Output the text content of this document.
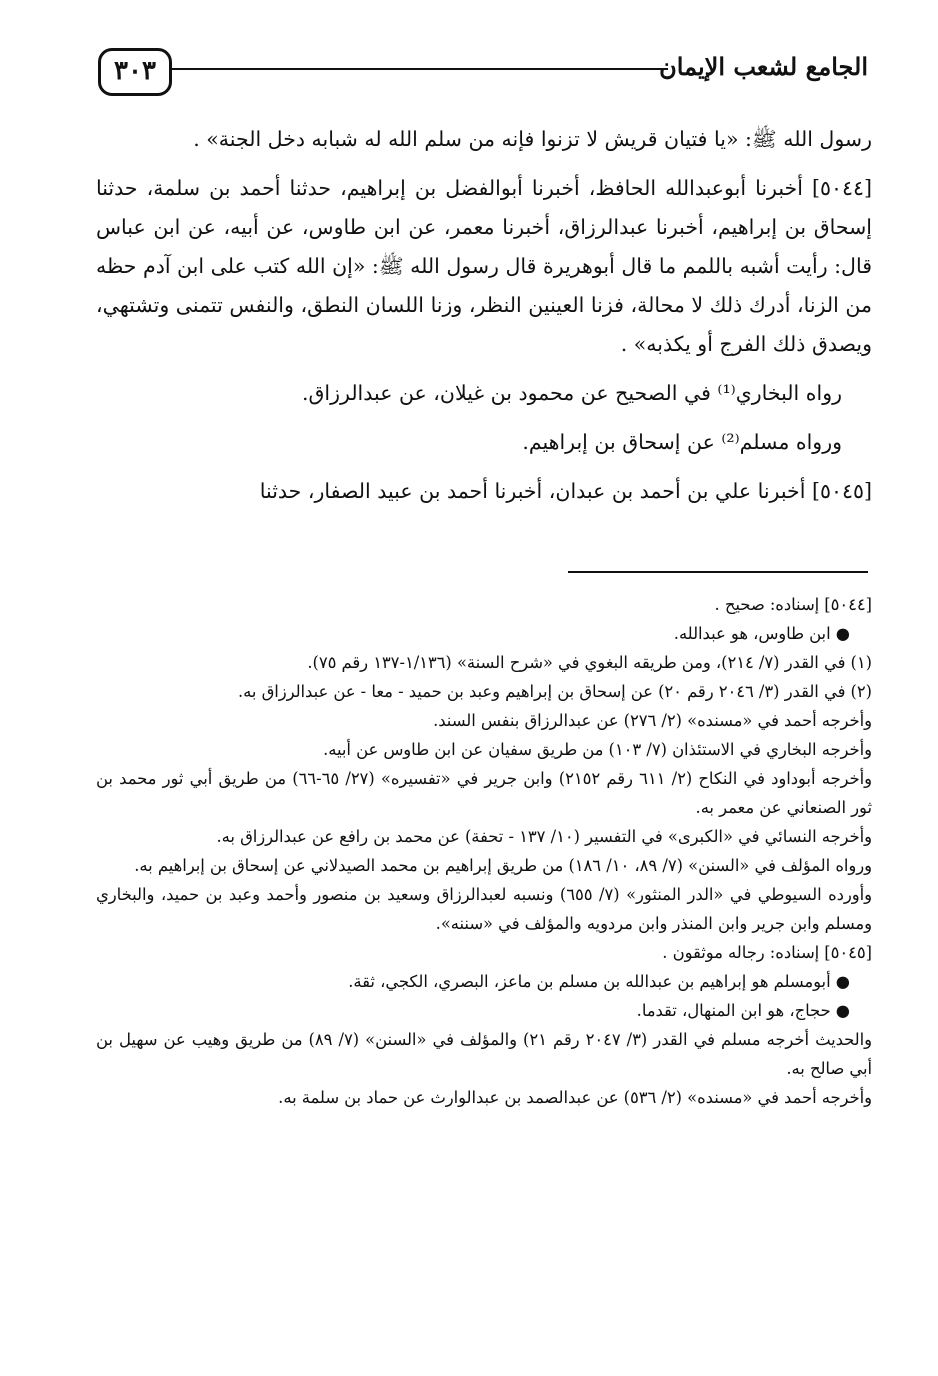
٣٠٣	الجامع لشعب الإيمان

رسول الله ﷺ: «يا فتيان قريش لا تزنوا فإنه من سلم الله له شبابه دخل الجنة» .

[٥٠٤٤] أخبرنا أبوعبدالله الحافظ، أخبرنا أبوالفضل بن إبراهيم، حدثنا أحمد بن سلمة، حدثنا إسحاق بن إبراهيم، أخبرنا عبدالرزاق، أخبرنا معمر، عن ابن طاوس، عن أبيه، عن ابن عباس قال: رأيت أشبه باللمم ما قال أبوهريرة قال رسول الله ﷺ: «إن الله كتب على ابن آدم حظه من الزنا، أدرك ذلك لا محالة، فزنا العينين النظر، وزنا اللسان النطق، والنفس تتمنى وتشتهي، ويصدق ذلك الفرج أو يكذبه» .

رواه البخاري⁽¹⁾ في الصحيح عن محمود بن غيلان، عن عبدالرزاق.

ورواه مسلم⁽²⁾ عن إسحاق بن إبراهيم.

[٥٠٤٥] أخبرنا علي بن أحمد بن عبدان، أخبرنا أحمد بن عبيد الصفار، حدثنا

[٥٠٤٤] إسناده: صحيح .

● ابن طاوس، هو عبدالله.

(١) في القدر (٧/ ٢١٤)، ومن طريقه البغوي في «شرح السنة» (١/١٣٦-١٣٧ رقم ٧٥).

(٢) في القدر (٣/ ٢٠٤٦ رقم ٢٠) عن إسحاق بن إبراهيم وعبد بن حميد - معا - عن عبدالرزاق به.

وأخرجه أحمد في «مسنده» (٢/ ٢٧٦) عن عبدالرزاق بنفس السند.

وأخرجه البخاري في الاستئذان (٧/ ١٠٣) من طريق سفيان عن ابن طاوس عن أبيه.

وأخرجه أبوداود في النكاح (٢/ ٦١١ رقم ٢١٥٢) وابن جرير في «تفسيره» (٢٧/ ٦٥-٦٦) من طريق أبي ثور محمد بن ثور الصنعاني عن معمر به.

وأخرجه النسائي في «الكبرى» في التفسير (١٠/ ١٣٧ - تحفة) عن محمد بن رافع عن عبدالرزاق به.

ورواه المؤلف في «السنن» (٧/ ٨٩، ١٠/ ١٨٦) من طريق إبراهيم بن محمد الصيدلاني عن إسحاق بن إبراهيم به.

وأورده السيوطي في «الدر المنثور» (٧/ ٦٥٥) ونسبه لعبدالرزاق وسعيد بن منصور وأحمد وعبد بن حميد، والبخاري ومسلم وابن جرير وابن المنذر وابن مردويه والمؤلف في «سننه».

[٥٠٤٥] إسناده: رجاله موثقون .

● أبومسلم هو إبراهيم بن عبدالله بن مسلم بن ماعز، البصري، الكجي، ثقة.

● حجاج، هو ابن المنهال، تقدما.

والحديث أخرجه مسلم في القدر (٣/ ٢٠٤٧ رقم ٢١) والمؤلف في «السنن» (٧/ ٨٩) من طريق وهيب عن سهيل بن أبي صالح به.

وأخرجه أحمد في «مسنده» (٢/ ٥٣٦) عن عبدالصمد بن عبدالوارث عن حماد بن سلمة به.
